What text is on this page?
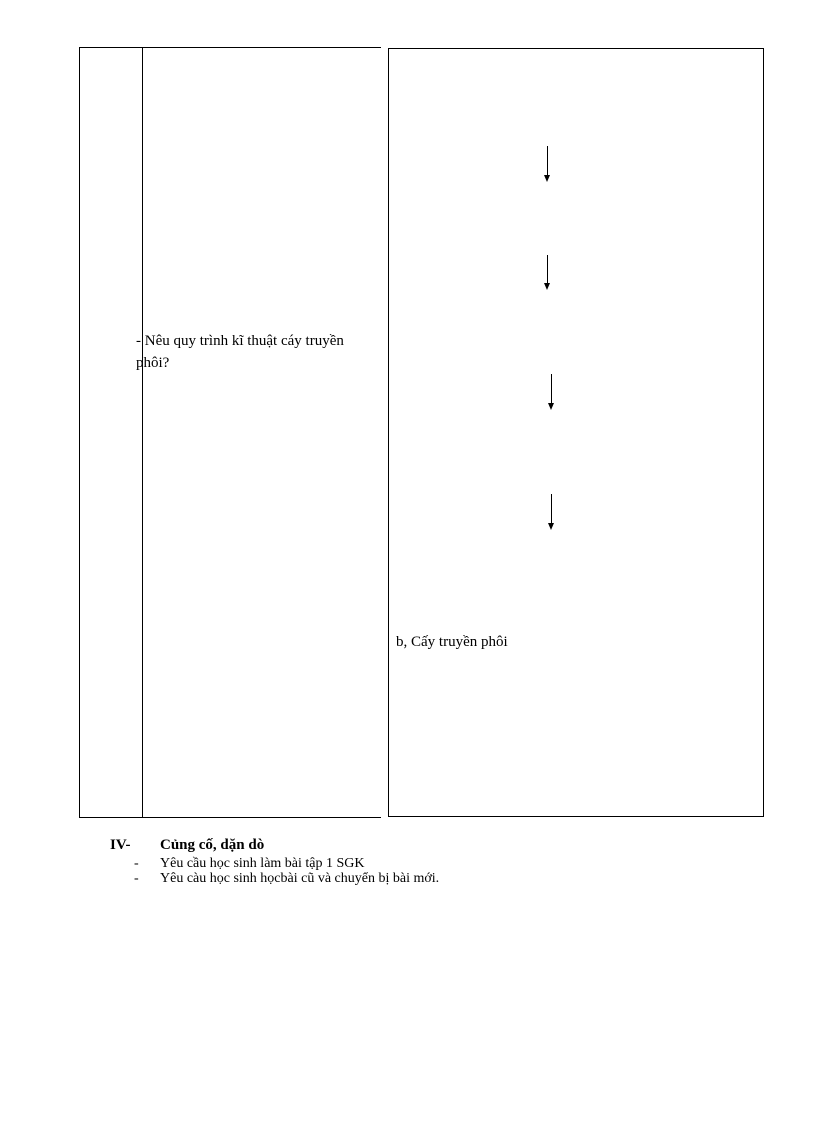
- Nêu quy trình kĩ thuật cáy truyền phôi?
b, Cấy truyền phôi
IV- Củng cố, dặn dò
- Yêu cầu học sinh làm bài tập 1 SGK
- Yêu càu học sinh họcbài cũ và chuyển bị bài mới.
